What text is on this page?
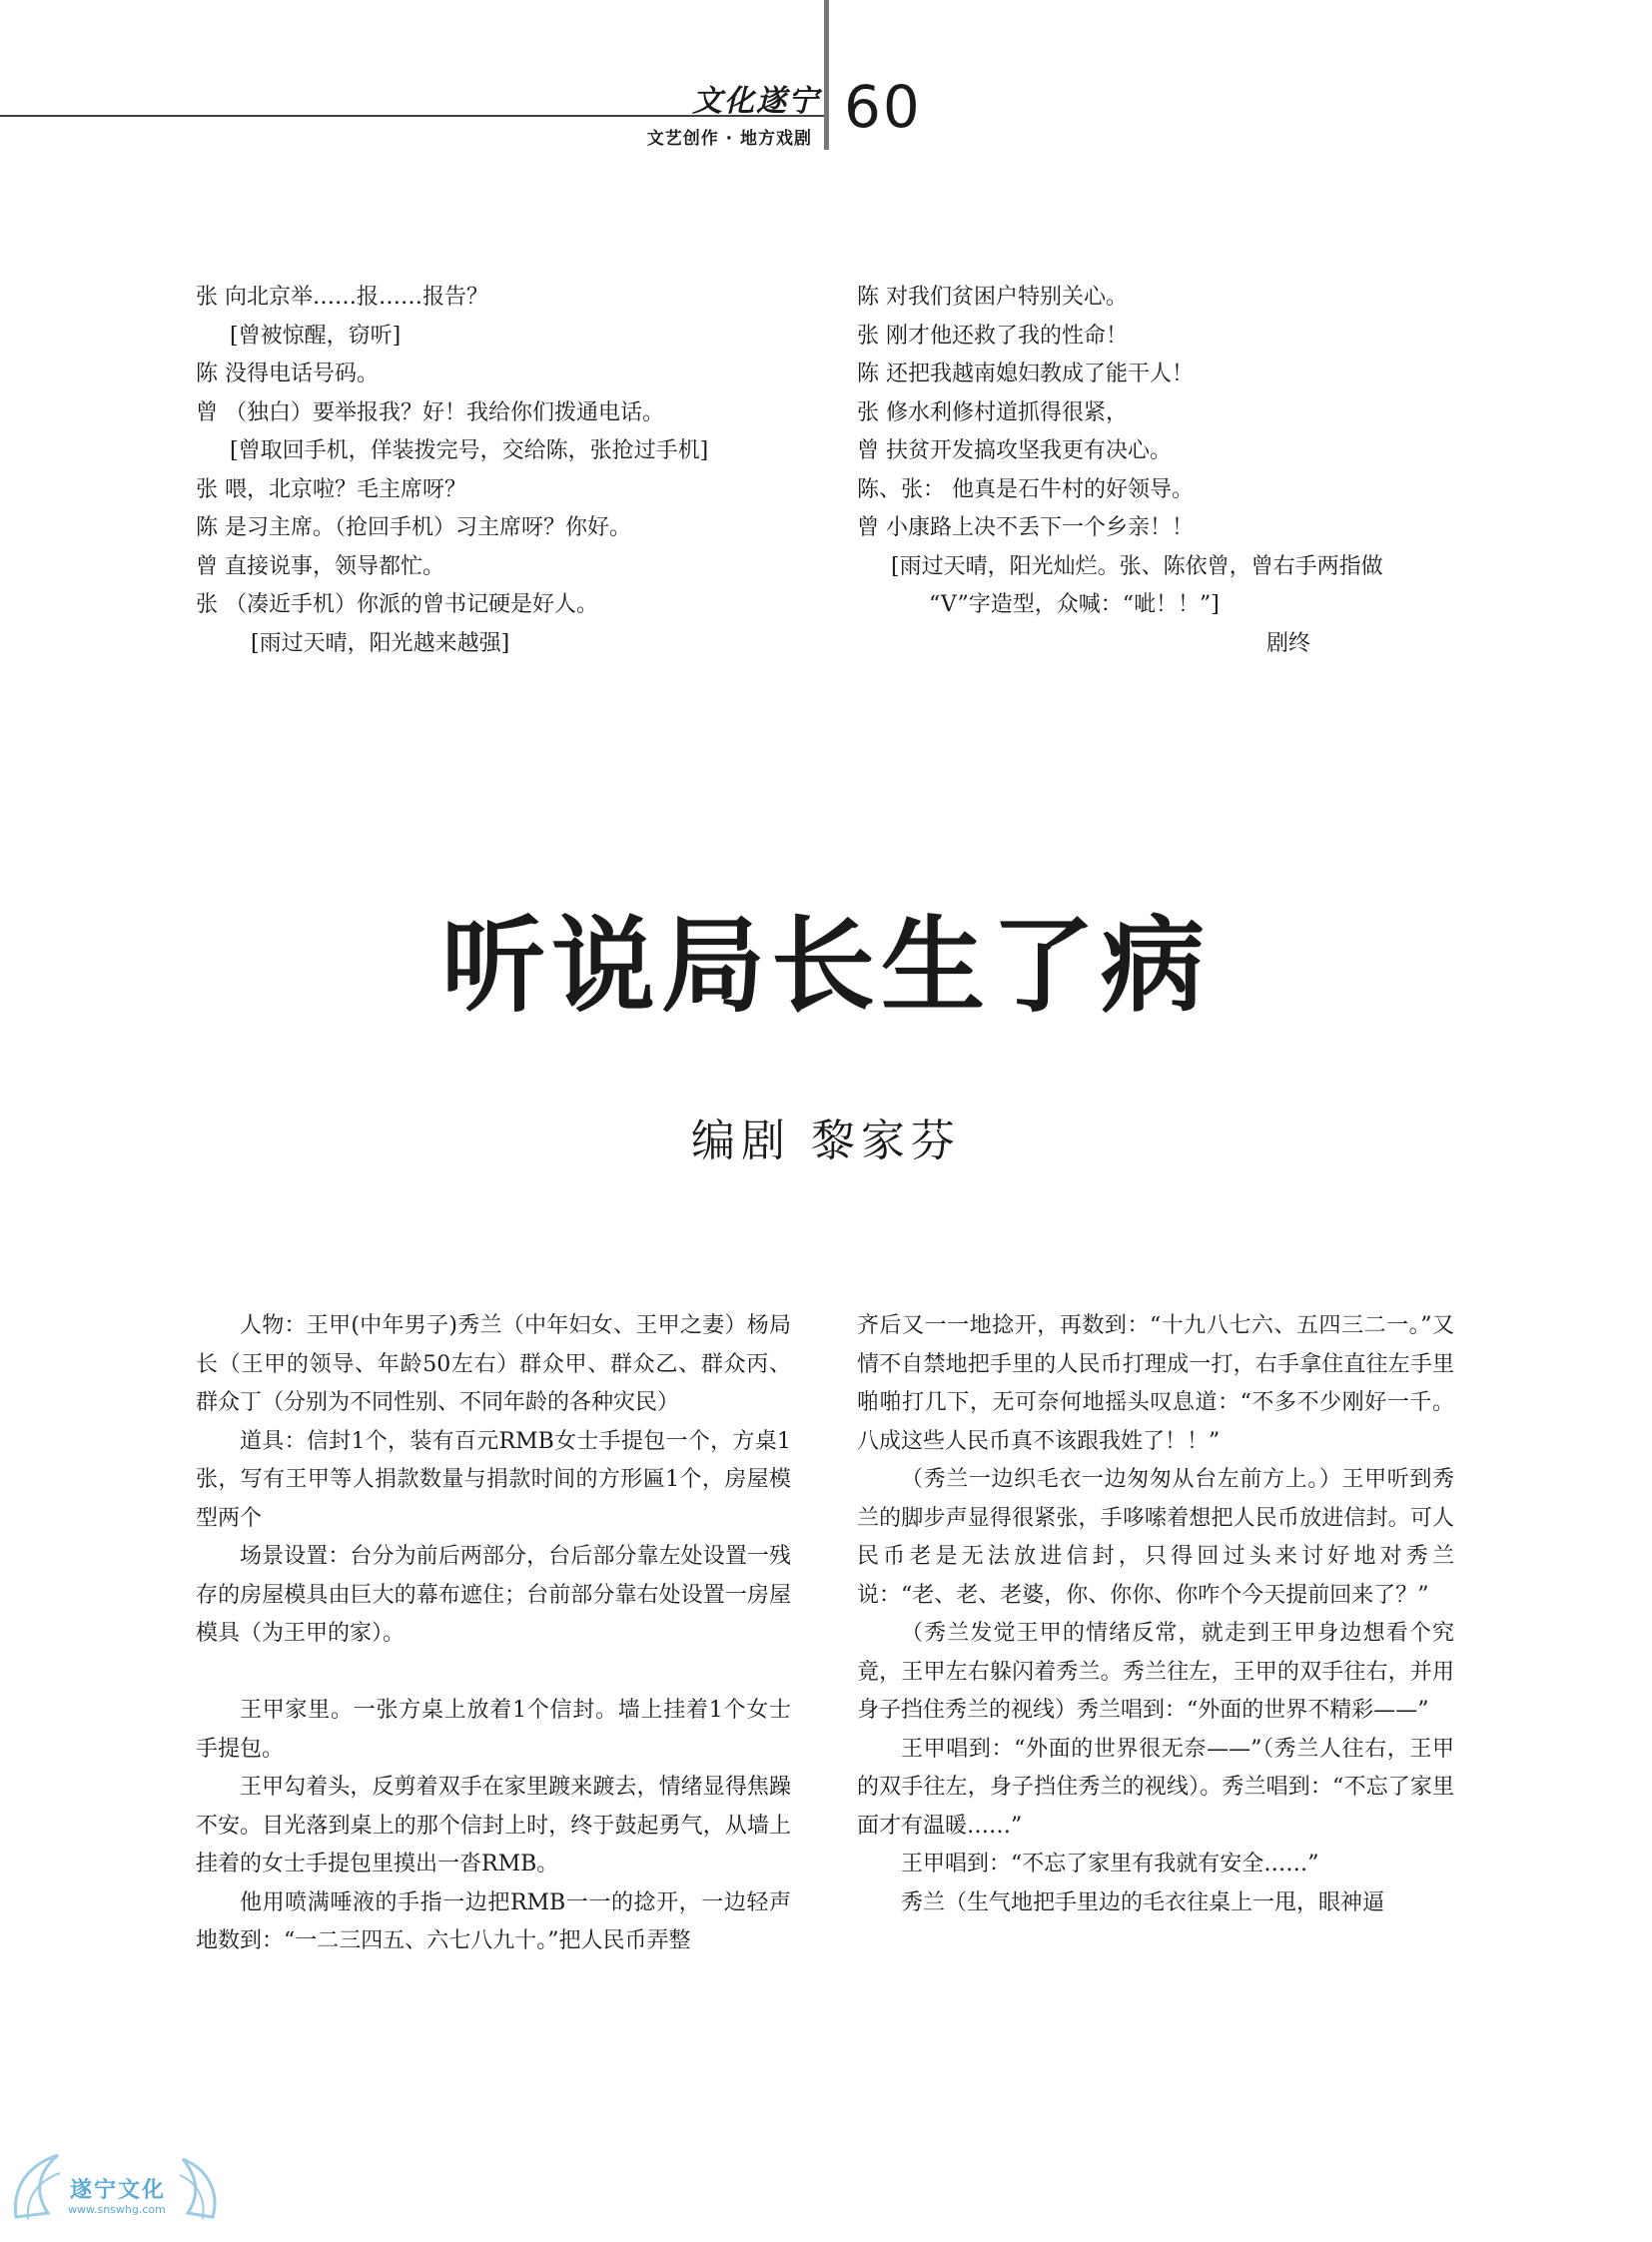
文化遂宁
文艺创作 · 地方戏剧 60

张 向北京举……报……报告？

[曾被惊醒，窃听]

陈 没得电话号码。

曾 （独白）要举报我？好！我给你们拨通电话。

[曾取回手机，佯装拨完号，交给陈，张抢过手机]

张 喂，北京啦？毛主席呀？

陈 是习主席。（抢回手机）习主席呀？你好。

曾 直接说事，领导都忙。

张 （凑近手机）你派的曾书记硬是好人。

[雨过天晴，阳光越来越强]

陈 对我们贫困户特别关心。

张 刚才他还救了我的性命！

陈 还把我越南媳妇教成了能干人！

张 修水利修村道抓得很紧，

曾 扶贫开发搞攻坚我更有决心。

陈、张： 他真是石牛村的好领导。

曾 小康路上决不丢下一个乡亲！！

[雨过天晴，阳光灿烂。张、陈依曾，曾右手两指做

“V”字造型，众喊：“呲！！”]

剧终

听说局长生了病
编剧 黎家芬

人物：王甲(中年男子)秀兰（中年妇女、王甲之妻）杨局长（王甲的领导、年龄50左右）群众甲、群众乙、群众丙、群众丁（分别为不同性别、不同年龄的各种灾民）

道具：信封1个，装有百元RMB女士手提包一个，方桌1张，写有王甲等人捐款数量与捐款时间的方形匾1个，房屋模型两个

场景设置：台分为前后两部分，台后部分靠左处设置一残存的房屋模具由巨大的幕布遮住；台前部分靠右处设置一房屋模具（为王甲的家）。

王甲家里。一张方桌上放着1个信封。墙上挂着1个女士手提包。

王甲勾着头，反剪着双手在家里踱来踱去，情绪显得焦躁不安。目光落到桌上的那个信封上时，终于鼓起勇气，从墙上挂着的女士手提包里摸出一沓RMB。

他用喷满唾液的手指一边把RMB一一的捻开，一边轻声地数到：“一二三四五、六七八九十。”把人民币弄整

齐后又一一地捻开，再数到：“十九八七六、五四三二一。”又情不自禁地把手里的人民币打理成一打，右手拿住直往左手里啪啪打几下，无可奈何地摇头叹息道：“不多不少刚好一千。八成这些人民币真不该跟我姓了！！”

（秀兰一边织毛衣一边匆匆从台左前方上。）王甲听到秀兰的脚步声显得很紧张，手哆嗦着想把人民币放进信封。可人民币老是无法放进信封，只得回过头来讨好地对秀兰说：“老、老、老婆，你、你你、你咋个今天提前回来了？”

（秀兰发觉王甲的情绪反常，就走到王甲身边想看个究竟，王甲左右躲闪着秀兰。秀兰往左，王甲的双手往右，并用身子挡住秀兰的视线）秀兰唱到：“外面的世界不精彩——”

王甲唱到：“外面的世界很无奈——”（秀兰人往右，王甲的双手往左，身子挡住秀兰的视线）。秀兰唱到：“不忘了家里面才有温暖……”

王甲唱到：“不忘了家里有我就有安全……”

秀兰（生气地把手里边的毛衣往桌上一甩，眼神逼

遂宁文化
www.snswhg.com
